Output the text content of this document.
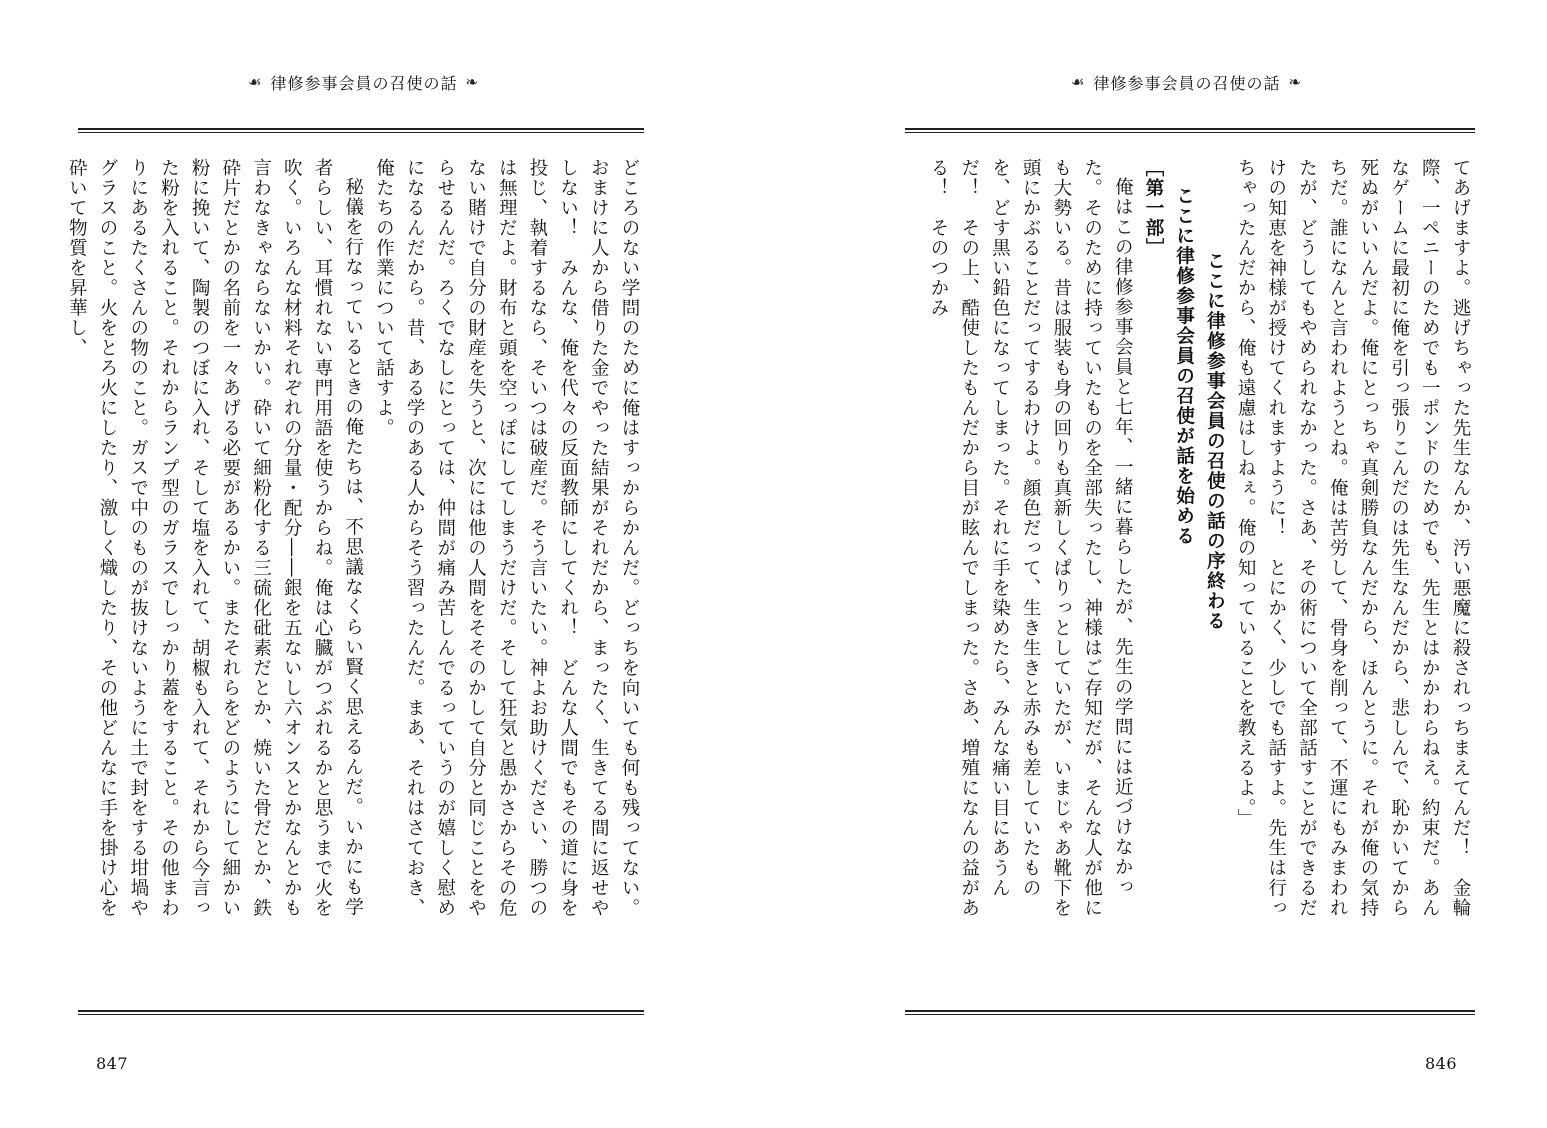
☙ 律修参事会員の召使の話 ❧

どころのない学問のために俺はすっからかんだ。どっちを向いても何も残ってない。おまけに人から借りた金でやった結果がそれだから、まったく、生きてる間に返せやしない！　みんな、俺を代々の反面教師にしてくれ！　どんな人間でもその道に身を投じ、執着するなら、そいつは破産だ。そう言いたい。神よお助けください、勝つのは無理だよ。財布と頭を空っぽにしてしまうだけだ。そして狂気と愚かさからその危ない賭けで自分の財産を失うと、次には他の人間をそそのかして自分と同じことをやらせるんだ。ろくでなしにとっては、仲間が痛み苦しんでるっていうのが嬉しく慰めになるんだから。昔、ある学のある人からそう習ったんだ。まあ、それはさておき、俺たちの作業について話すよ。

秘儀を行なっているときの俺たちは、不思議なくらい賢く思えるんだ。いかにも学者らしい、耳慣れない専門用語を使うからね。俺は心臓がつぶれるかと思うまで火を吹く。いろんな材料それぞれの分量・配分――銀を五ないし六オンスとかなんとかも言わなきゃならないかい。砕いて細粉化する三硫化砒素だとか、焼いた骨だとか、鉄砕片だとかの名前を一々あげる必要があるかい。またそれらをどのようにして細かい粉に挽いて、陶製のつぼに入れ、そして塩を入れて、胡椒も入れて、それから今言った粉を入れること。それからランプ型のガラスでしっかり蓋をすること。その他まわりにあるたくさんの物のこと。ガスで中のものが抜けないように土で封をする坩堝やグラスのこと。火をとろ火にしたり、激しく熾したり、その他どんなに手を掛け心を砕いて物質を昇華し、

847
☙ 律修参事会員の召使の話 ❧

てあげますよ。逃げちゃった先生なんか、汚い悪魔に殺されっちまえてんだ！　金輪際、一ペニーのためでも一ポンドのためでも、先生とはかかわらねえ。約束だ。あんなゲームに最初に俺を引っ張りこんだのは先生なんだから、悲しんで、恥かいてから死ぬがいいんだよ。俺にとっちゃ真剣勝負なんだから、ほんとうに。それが俺の気持ちだ。誰になんと言われようとね。俺は苦労して、骨身を削って、不運にもみまわれたが、どうしてもやめられなかった。さあ、その術について全部話すことができるだけの知恵を神様が授けてくれますように！　とにかく、少しでも話すよ。先生は行っちゃったんだから、俺も遠慮はしねぇ。俺の知っていることを教えるよ。」

ここに律修参事会員の召使の話の序終わる

ここに律修参事会員の召使が話を始める

［第一部］

俺はこの律修参事会員と七年、一緒に暮らしたが、先生の学問には近づけなかった。そのために持っていたものを全部失ったし、神様はご存知だが、そんな人が他にも大勢いる。昔は服装も身の回りも真新しくぱりっとしていたが、いまじゃあ靴下を頭にかぶることだってするわけよ。顔色だって、生き生きと赤みも差していたものを、どす黒い鉛色になってしまった。それに手を染めたら、みんな痛い目にあうんだ！　その上、酷使したもんだから目が眩んでしまった。さあ、増殖になんの益がある！　そのつかみ

846
